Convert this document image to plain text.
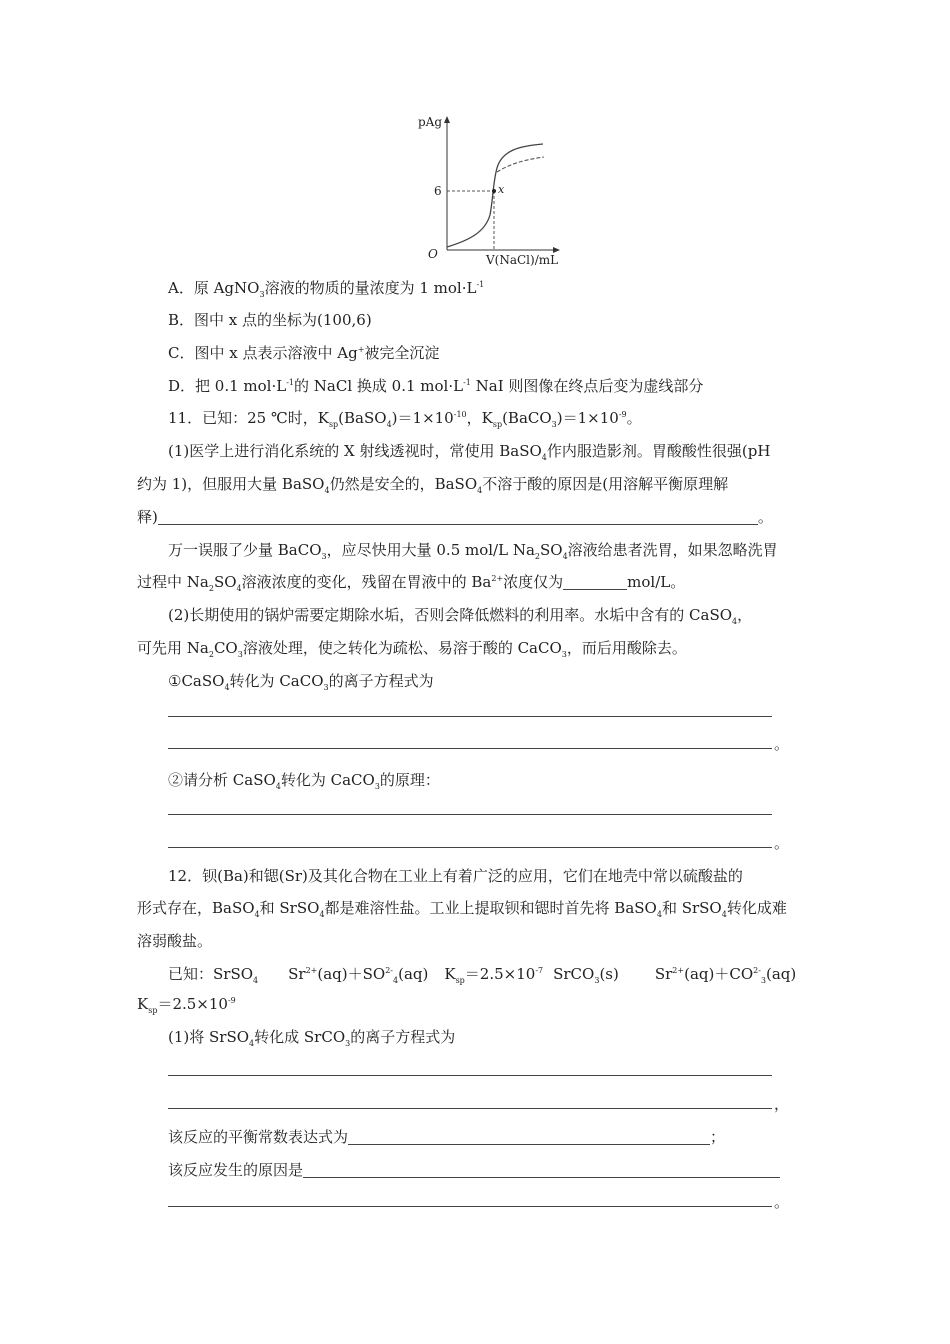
pAg
6
O
x
V(NaCl)/mL
A．原 AgNO$_3$溶液的物质的量浓度为 1 $mol\cdot L^{-1}$
B．图中 x 点的坐标为(100,6)
C．图中 x 点表示溶液中 Ag+被完全沉淀
D．把 0.1 $mol\cdot L^{-1}$的 NaCl 换成 0.1 $mol\cdot L^{-1}$ NaI 则图像在终点后变为虚线部分
11．已知：25 ℃时，$K_{sp}(BaSO_4)=1\times 10^{-10}$，$K_{sp}(BaCO_3)=1\times 10^{-9}$。
(1)医学上进行消化系统的 X 射线透视时，常使用 BaSO$_4$作内服造影剂。胃酸酸性很强(pH
约为 1)，但服用大量 BaSO$_4$仍然是安全的，BaSO$_4$不溶于酸的原因是(用溶解平衡原理解
释)	。
万一误服了少量 BaCO$_3$，应尽快用大量 0.5 mol/L $Na_2SO_4$溶液给患者洗胃，如果忽略洗胃
过程中 $Na_2SO_4$溶液浓度的变化，残留在胃液中的 $Ba^{2+}$浓度仅为	mol/L。
(2)长期使用的锅炉需要定期除水垢，否则会降低燃料的利用率。水垢中含有的 CaSO$_4$，
可先用 $Na_2CO_3$溶液处理，使之转化为疏松、易溶于酸的 CaCO$_3$，而后用酸除去。
①CaSO$_4$转化为 CaCO$_3$的离子方程式为
。
②请分析 CaSO$_4$转化为 CaCO$_3$的原理：
。
12．钡(Ba)和锶(Sr)及其化合物在工业上有着广泛的应用，它们在地壳中常以硫酸盐的
形式存在，BaSO$_4$和 SrSO$_4$都是难溶性盐。工业上提取钡和锶时首先将 BaSO$_4$和 SrSO$_4$转化成难
溶弱酸盐。
已知：SrSO$_4$ $Sr^{2+}(aq)+SO^{2-}_4(aq)$ $K_{sp}=2.5\times 10^{-7}$ SrCO$_3$(s) $Sr^{2+}(aq)+CO^{2-}_3(aq)$
$K_{sp}=2.5\times 10^{-9}$
(1)将 SrSO$_4$转化成 SrCO$_3$的离子方程式为
，
该反应的平衡常数表达式为	；
该反应发生的原因是
。
